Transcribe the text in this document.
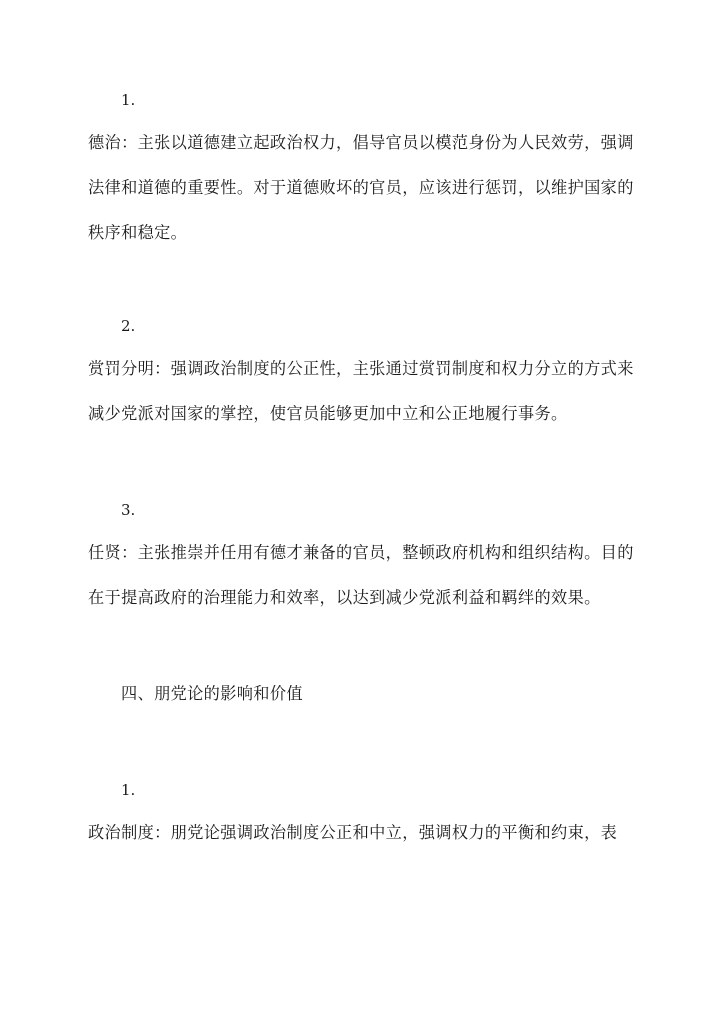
1.
德治：主张以道德建立起政治权力，倡导官员以模范身份为人民效劳，强调法律和道德的重要性。对于道德败坏的官员，应该进行惩罚，以维护国家的秩序和稳定。
2.
赏罚分明：强调政治制度的公正性，主张通过赏罚制度和权力分立的方式来减少党派对国家的掌控，使官员能够更加中立和公正地履行事务。
3.
任贤：主张推崇并任用有德才兼备的官员，整顿政府机构和组织结构。目的在于提高政府的治理能力和效率，以达到减少党派利益和羁绊的效果。
四、朋党论的影响和价值
1.
政治制度：朋党论强调政治制度公正和中立，强调权力的平衡和约束，表
